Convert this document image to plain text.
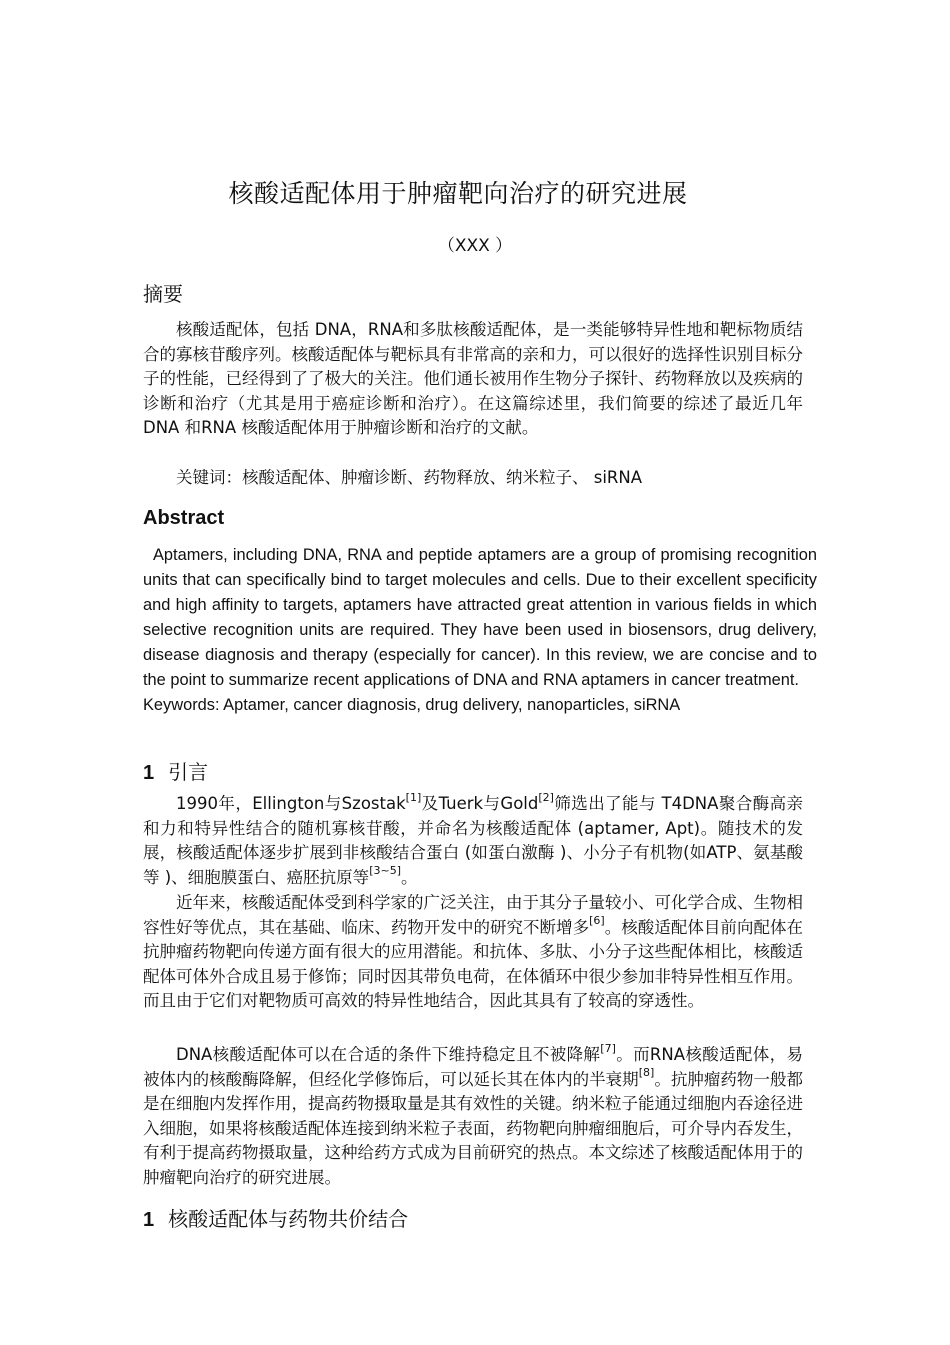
核酸适配体用于肿瘤靶向治疗的研究进展
（XXX ）
摘要

核酸适配体，包括 DNA，RNA和多肽核酸适配体，是一类能够特异性地和靶标物质结合的寡核苷酸序列。核酸适配体与靶标具有非常高的亲和力，可以很好的选择性识别目标分子的性能，已经得到了了极大的关注。他们通长被用作生物分子探针、药物释放以及疾病的诊断和治疗（尤其是用于癌症诊断和治疗）。在这篇综述里，我们简要的综述了最近几年 DNA 和RNA 核酸适配体用于肿瘤诊断和治疗的文献。

关键词：核酸适配体、肿瘤诊断、药物释放、纳米粒子、 siRNA

Abstract
Aptamers, including DNA, RNA and peptide aptamers are a group of promising recognition units that can specifically bind to target molecules and cells. Due to their excellent specificity and high affinity to targets, aptamers have attracted great attention in various fields in which selective recognition units are required. They have been used in biosensors, drug delivery, disease diagnosis and therapy (especially for cancer). In this review, we are concise and to the point to summarize recent applications of DNA and RNA aptamers in cancer treatment.
Keywords: Aptamer, cancer diagnosis, drug delivery, nanoparticles, siRNA
1 引言

1990年，Ellington与Szostak[1]及Tuerk与Gold[2]筛选出了能与 T4DNA聚合酶高亲和力和特异性结合的随机寡核苷酸，并命名为核酸适配体 (aptamer, Apt)。随技术的发展，核酸适配体逐步扩展到非核酸结合蛋白 (如蛋白激酶 )、小分子有机物(如ATP、氨基酸等 )、细胞膜蛋白、癌胚抗原等[3~5]。

近年来，核酸适配体受到科学家的广泛关注，由于其分子量较小、可化学合成、生物相容性好等优点，其在基础、临床、药物开发中的研究不断增多[6]。核酸适配体目前向配体在抗肿瘤药物靶向传递方面有很大的应用潜能。和抗体、多肽、小分子这些配体相比，核酸适配体可体外合成且易于修饰；同时因其带负电荷，在体循环中很少参加非特异性相互作用。而且由于它们对靶物质可高效的特异性地结合，因此其具有了较高的穿透性。

DNA核酸适配体可以在合适的条件下维持稳定且不被降解[7]。而RNA核酸适配体，易被体内的核酸酶降解，但经化学修饰后，可以延长其在体内的半衰期[8]。抗肿瘤药物一般都是在细胞内发挥作用，提高药物摄取量是其有效性的关键。纳米粒子能通过细胞内吞途径进入细胞，如果将核酸适配体连接到纳米粒子表面，药物靶向肿瘤细胞后，可介导内吞发生，有利于提高药物摄取量，这种给药方式成为目前研究的热点。本文综述了核酸适配体用于的肿瘤靶向治疗的研究进展。

1 核酸适配体与药物共价结合
